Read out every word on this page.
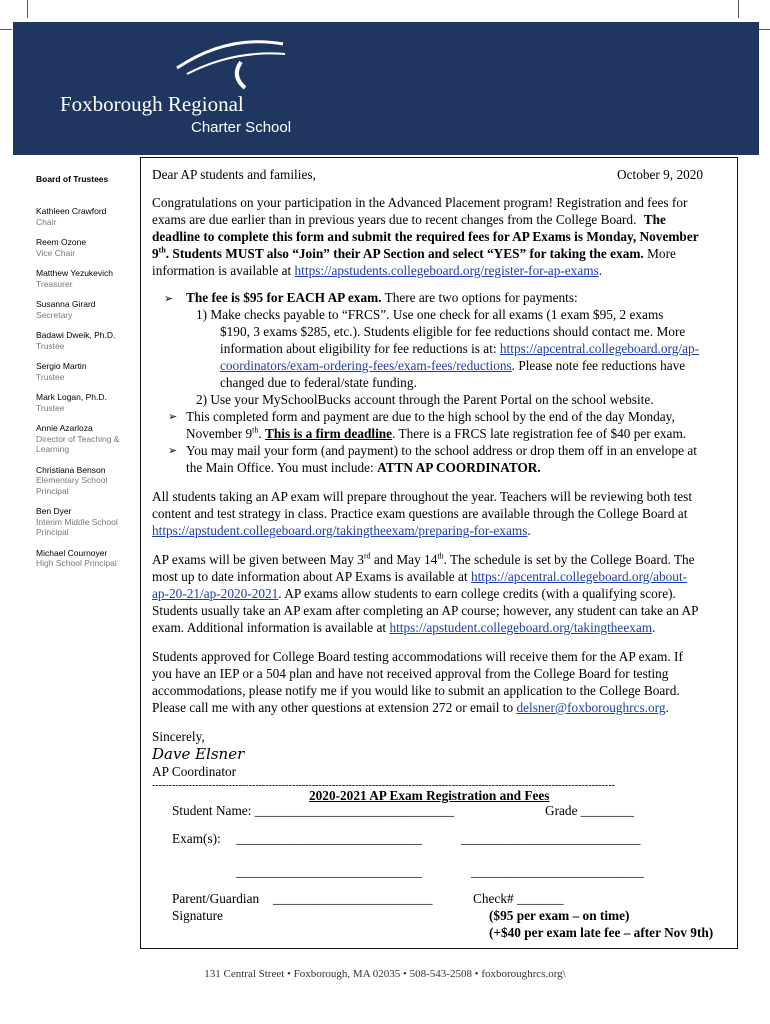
Foxborough Regional
Charter School
Board of Trustees
Kathleen Crawford
Chair
Reem Ozone
Vice Chair
Matthew Yezukevich
Treasurer
Susanna Girard
Secretary
Badawi Dweik, Ph.D.
Trustee
Sergio Martin
Trustee
Mark Logan, Ph.D.
Trustee
Annie Azarloza
Director of Teaching & Learning
Christiana Benson
Elementary School Principal
Ben Dyer
Interim Middle School Principal
Michael Cournoyer
High School Principal
Dear AP students and families,	October 9, 2020
Congratulations on your participation in the Advanced Placement program! Registration and fees for
exams are due earlier than in previous years due to recent changes from the College Board. The
deadline to complete this form and submit the required fees for AP Exams is Monday, November
9th. Students MUST also “Join” their AP Section and select “YES” for taking the exam. More
information is available at https://apstudents.collegeboard.org/register-for-ap-exams.
➢ The fee is $95 for EACH AP exam. There are two options for payments:
1) Make checks payable to “FRCS”. Use one check for all exams (1 exam $95, 2 exams
$190, 3 exams $285, etc.). Students eligible for fee reductions should contact me. More
information about eligibility for fee reductions is at: https://apcentral.collegeboard.org/ap-
coordinators/exam-ordering-fees/exam-fees/reductions. Please note fee reductions have
changed due to federal/state funding.
2) Use your MySchoolBucks account through the Parent Portal on the school website.
➢ This completed form and payment are due to the high school by the end of the day Monday,
November 9th. This is a firm deadline. There is a FRCS late registration fee of $40 per exam.
➢ You may mail your form (and payment) to the school address or drop them off in an envelope at
the Main Office. You must include: ATTN AP COORDINATOR.
All students taking an AP exam will prepare throughout the year. Teachers will be reviewing both test
content and test strategy in class. Practice exam questions are available through the College Board at
https://apstudent.collegeboard.org/takingtheexam/preparing-for-exams.
AP exams will be given between May 3rd and May 14th. The schedule is set by the College Board. The
most up to date information about AP Exams is available at https://apcentral.collegeboard.org/about-
ap-20-21/ap-2020-2021. AP exams allow students to earn college credits (with a qualifying score).
Students usually take an AP exam after completing an AP course; however, any student can take an AP
exam. Additional information is available at https://apstudent.collegeboard.org/takingtheexam.
Students approved for College Board testing accommodations will receive them for the AP exam. If
you have an IEP or a 504 plan and have not received approval from the College Board for testing
accommodations, please notify me if you would like to submit an application to the College Board.
Please call me with any other questions at extension 272 or email to delsner@foxboroughrcs.org.
Sincerely,
Dave Elsner
AP Coordinator
-------------------------------------------------------------------------------------------------------------------------------------------
2020-2021 AP Exam Registration and Fees
Student Name: ______________________________	Grade ________
Exam(s): ____________________________	___________________________
____________________________	__________________________
Parent/Guardian ________________________
Signature
Check# _______
($95 per exam – on time)
(+$40 per exam late fee – after Nov 9th)
131 Central Street • Foxborough, MA 02035 • 508-543-2508 • foxboroughrcs.org\
